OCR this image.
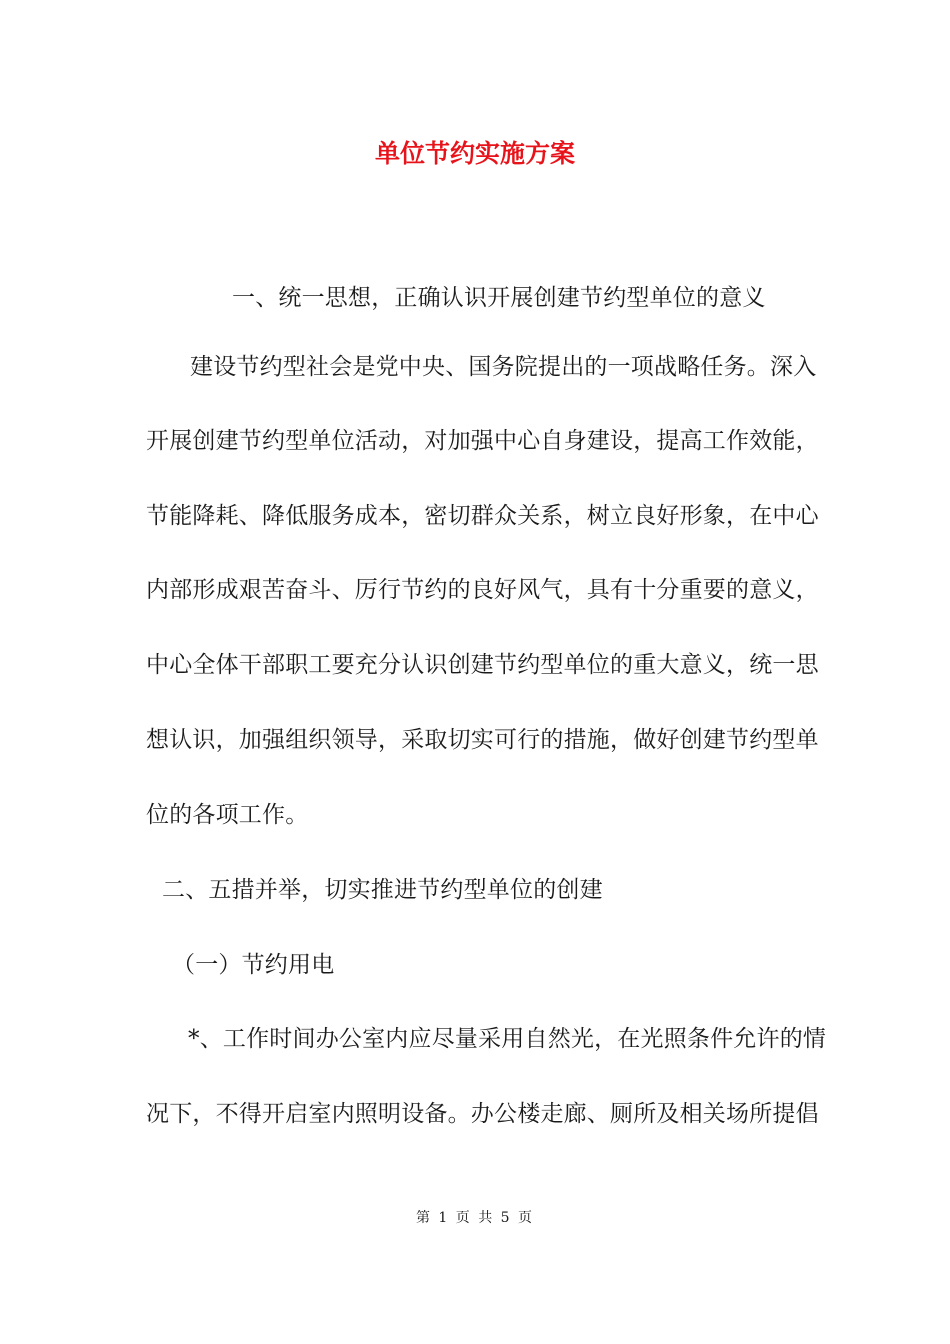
单位节约实施方案
一、统一思想，正确认识开展创建节约型单位的意义
建设节约型社会是党中央、国务院提出的一项战略任务。深入
开展创建节约型单位活动，对加强中心自身建设，提高工作效能，
节能降耗、降低服务成本，密切群众关系，树立良好形象，在中心
内部形成艰苦奋斗、厉行节约的良好风气，具有十分重要的意义，
中心全体干部职工要充分认识创建节约型单位的重大意义，统一思
想认识，加强组织领导，采取切实可行的措施，做好创建节约型单
位的各项工作。
二、五措并举，切实推进节约型单位的创建
（一）节约用电
*、工作时间办公室内应尽量采用自然光，在光照条件允许的情
况下，不得开启室内照明设备。办公楼走廊、厕所及相关场所提倡
第 1 页 共 5 页
